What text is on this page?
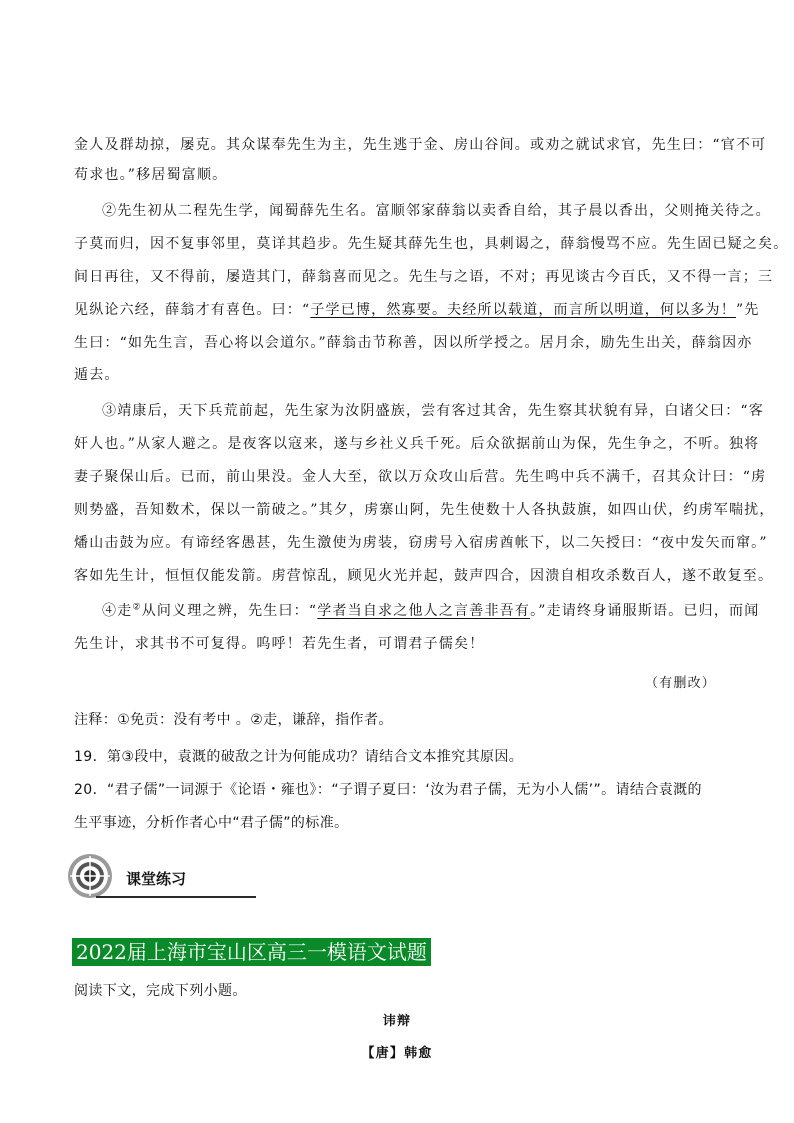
金人及群劫掠，屡克。其众谋奉先生为主，先生逃于金、房山谷间。或劝之就试求官，先生曰：“官不可
苟求也。”移居蜀富顺。
②先生初从二程先生学，闻蜀薛先生名。富顺邻家薛翁以卖香自给，其子晨以香出，父则掩关待之。
子莫而归，因不复事邻里，莫详其趋步。先生疑其薛先生也，具刺谒之，薛翁慢骂不应。先生固已疑之矣。
间日再往，又不得前，屡造其门，薛翁喜而见之。先生与之语，不对；再见谈古今百氏，又不得一言；三
见纵论六经，薛翁才有喜色。曰：“子学已博，然寡要。夫经所以载道，而言所以明道，何以多为！”先
生曰：“如先生言，吾心将以会道尔。”薛翁击节称善，因以所学授之。居月余，励先生出关，薛翁因亦
遁去。
③靖康后，天下兵荒前起，先生家为汝阴盛族，尝有客过其舍，先生察其状貌有异，白诸父曰：“客
奸人也。”从家人避之。是夜客以寇来，遂与乡社义兵千死。后众欲据前山为保，先生争之，不听。独将
妻子聚保山后。已而，前山果没。金人大至，欲以万众攻山后营。先生鸣中兵不满千，召其众计曰：“虏
则势盛，吾知数术，保以一箭破之。”其夕，虏寨山阿，先生使数十人各执鼓旗，如四山伏，约虏军喘扰，
燔山击鼓为应。有谛经客愚甚，先生激使为虏装，窃虏号入宿虏酋帐下，以二矢授曰：“夜中发矢而窜。”
客如先生计，恒恒仅能发箭。虏营惊乱，顾见火光并起，鼓声四合，因溃自相攻杀数百人，遂不敢复至。
④走②从问义理之辨，先生曰：“学者当自求之他人之言善非吾有。”走请终身诵服斯语。已归，而闻
先生计，求其书不可复得。呜呼！若先生者，可谓君子儒矣！
（有删改）
注释：①免贡：没有考中 。②走，谦辞，指作者。
19．第③段中，袁溉的破敌之计为何能成功？请结合文本推究其原因。
20．“君子儒”一词源于《论语・雍也》：“子谓子夏曰：‘汝为君子儒，无为小人儒’”。请结合袁溉的
生平事迹，分析作者心中“君子儒”的标准。
课堂练习
2022届上海市宝山区高三一模语文试题
阅读下文，完成下列小题。
讳辩
【唐】韩愈
